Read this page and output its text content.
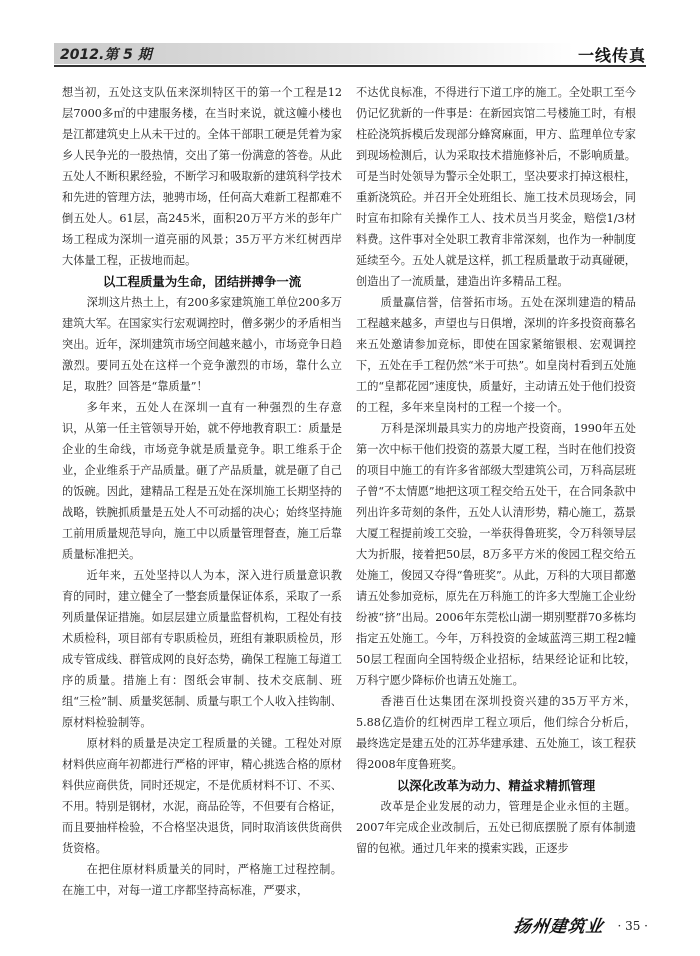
2012.第 5 期	一线传真

想当初，五处这支队伍来深圳特区干的第一个工程是12层7000多㎡的中建服务楼，在当时来说，就这幢小楼也是江都建筑史上从未干过的。全体干部职工硬是凭着为家乡人民争光的一股热情，交出了第一份满意的答卷。从此五处人不断积累经验，不断学习和吸取新的建筑科学技术和先进的管理方法，驰骋市场，任何高大难新工程都难不倒五处人。61层，高245米，面积20万平方米的彭年广场工程成为深圳一道亮丽的风景；35万平方米红树西岸大体量工程，正拔地而起。

以工程质量为生命，团结拼搏争一流

深圳这片热土上，有200多家建筑施工单位200多万建筑大军。在国家实行宏观调控时，僧多粥少的矛盾相当突出。近年，深圳建筑市场空间越来越小，市场竞争日趋激烈。要同五处在这样一个竞争激烈的市场，靠什么立足，取胜？回答是“靠质量”！

多年来，五处人在深圳一直有一种强烈的生存意识，从第一任主管领导开始，就不停地教育职工：质量是企业的生命线，市场竞争就是质量竞争。职工维系于企业，企业维系于产品质量。砸了产品质量，就是砸了自己的饭碗。因此，建精品工程是五处在深圳施工长期坚持的战略，铁腕抓质量是五处人不可动摇的决心；始终坚持施工前用质量规范导向，施工中以质量管理督查，施工后靠质量标准把关。

近年来，五处坚持以人为本，深入进行质量意识教育的同时，建立健全了一整套质量保证体系，采取了一系列质量保证措施。如层层建立质量监督机构，工程处有技术质检科，项目部有专职质检员，班组有兼职质检员，形成专管成线、群管成网的良好态势，确保工程施工每道工序的质量。措施上有：图纸会审制、技术交底制、班组“三检”制、质量奖惩制、质量与职工个人收入挂钩制、原材料检验制等。

原材料的质量是决定工程质量的关键。工程处对原材料供应商年初都进行严格的评审，精心挑选合格的原材料供应商供货，同时还规定，不是优质材料不订、不买、不用。特别是钢材，水泥，商品砼等，不但要有合格证，而且要抽样检验，不合格坚决退货，同时取消该供货商供货资格。

在把住原材料质量关的同时，严格施工过程控制。在施工中，对每一道工序都坚持高标准，严要求，

不达优良标准，不得进行下道工序的施工。全处职工至今仍记忆犹新的一件事是：在新园宾馆二号楼施工时，有根柱砼浇筑拆模后发现部分蜂窝麻面，甲方、监理单位专家到现场检测后，认为采取技术措施修补后，不影响质量。可是当时处领导为警示全处职工，坚决要求打掉这根柱，重新浇筑砼。并召开全处班组长、施工技术员现场会，同时宣布扣除有关操作工人、技术员当月奖金，赔偿1/3材料费。这件事对全处职工教育非常深刻，也作为一种制度延续至今。五处人就是这样，抓工程质量敢于动真碰硬，创造出了一流质量，建造出许多精品工程。

质量赢信誉，信誉拓市场。五处在深圳建造的精品工程越来越多，声望也与日俱增，深圳的许多投资商慕名来五处邀请参加竞标，即使在国家紧缩银根、宏观调控下，五处在手工程仍然“米于可热”。如皇岗村看到五处施工的“皇都花园”速度快，质量好，主动请五处于他们投资的工程，多年来皇岗村的工程一个接一个。

万科是深圳最具实力的房地产投资商，1990年五处第一次中标干他们投资的荔景大厦工程，当时在他们投资的项目中施工的有许多省部级大型建筑公司，万科高层班子曾“不太情愿”地把这项工程交给五处干，在合同条款中列出许多苛刻的条件，五处人认清形势，精心施工，荔景大厦工程提前竣工交验，一举获得鲁班奖，令万科领导层大为折服，接着把50层，8万多平方米的俊园工程交给五处施工，俊园又夺得“鲁班奖”。从此，万科的大项目都邀请五处参加竞标，原先在万科施工的许多大型施工企业纷纷被“挤”出局。2006年东莞松山湖一期别墅群70多栋均指定五处施工。今年，万科投资的金域蓝湾三期工程2幢50层工程面向全国特级企业招标，结果经论证和比较，万科宁愿少降标价也请五处施工。

香港百仕达集团在深圳投资兴建的35万平方米，5.88亿造价的红树西岸工程立项后，他们综合分析后，最终选定是建五处的江苏华建承建、五处施工，该工程获得2008年度鲁班奖。

以深化改革为动力、精益求精抓管理

改革是企业发展的动力，管理是企业永恒的主题。2007年完成企业改制后，五处已彻底摆脱了原有体制遗留的包袱。通过几年来的摸索实践，正逐步

扬州建筑业 · 35 ·
